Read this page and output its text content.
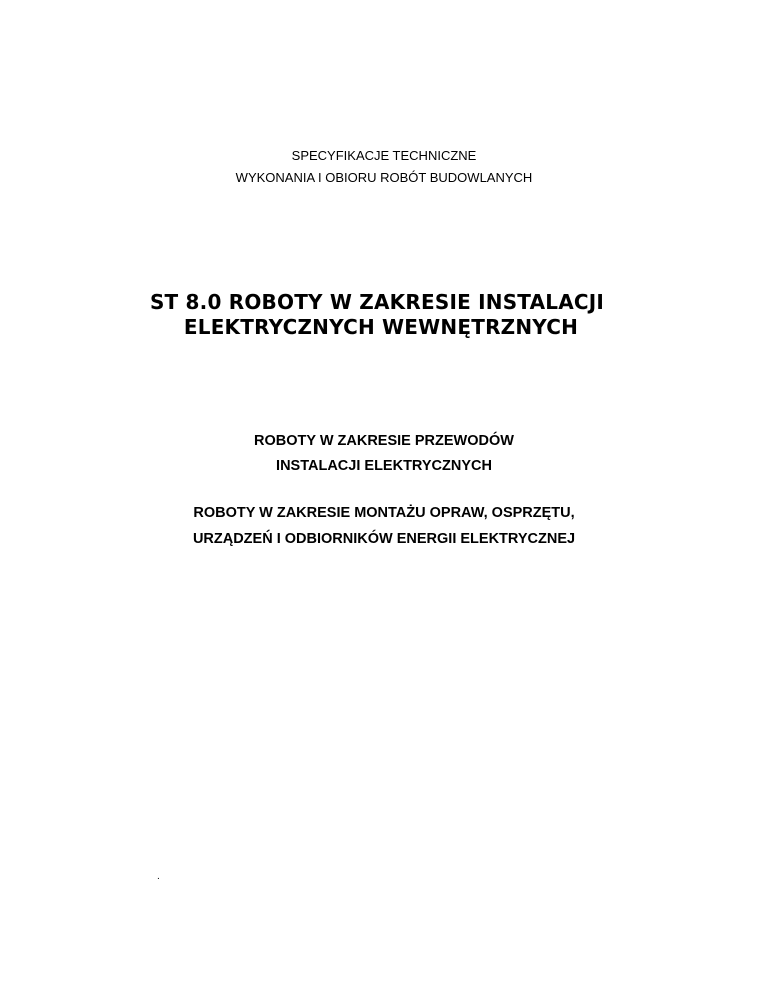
SPECYFIKACJE TECHNICZNE
WYKONANIA I OBIORU ROBÓT BUDOWLANYCH
ST 8.0 ROBOTY W ZAKRESIE INSTALACJI
ELEKTRYCZNYCH WEWNĘTRZNYCH
ROBOTY W ZAKRESIE PRZEWODÓW
INSTALACJI ELEKTRYCZNYCH
ROBOTY W ZAKRESIE MONTAŻU OPRAW, OSPRZĘTU,
URZĄDZEŃ I ODBIORNIKÓW ENERGII ELEKTRYCZNEJ
.
